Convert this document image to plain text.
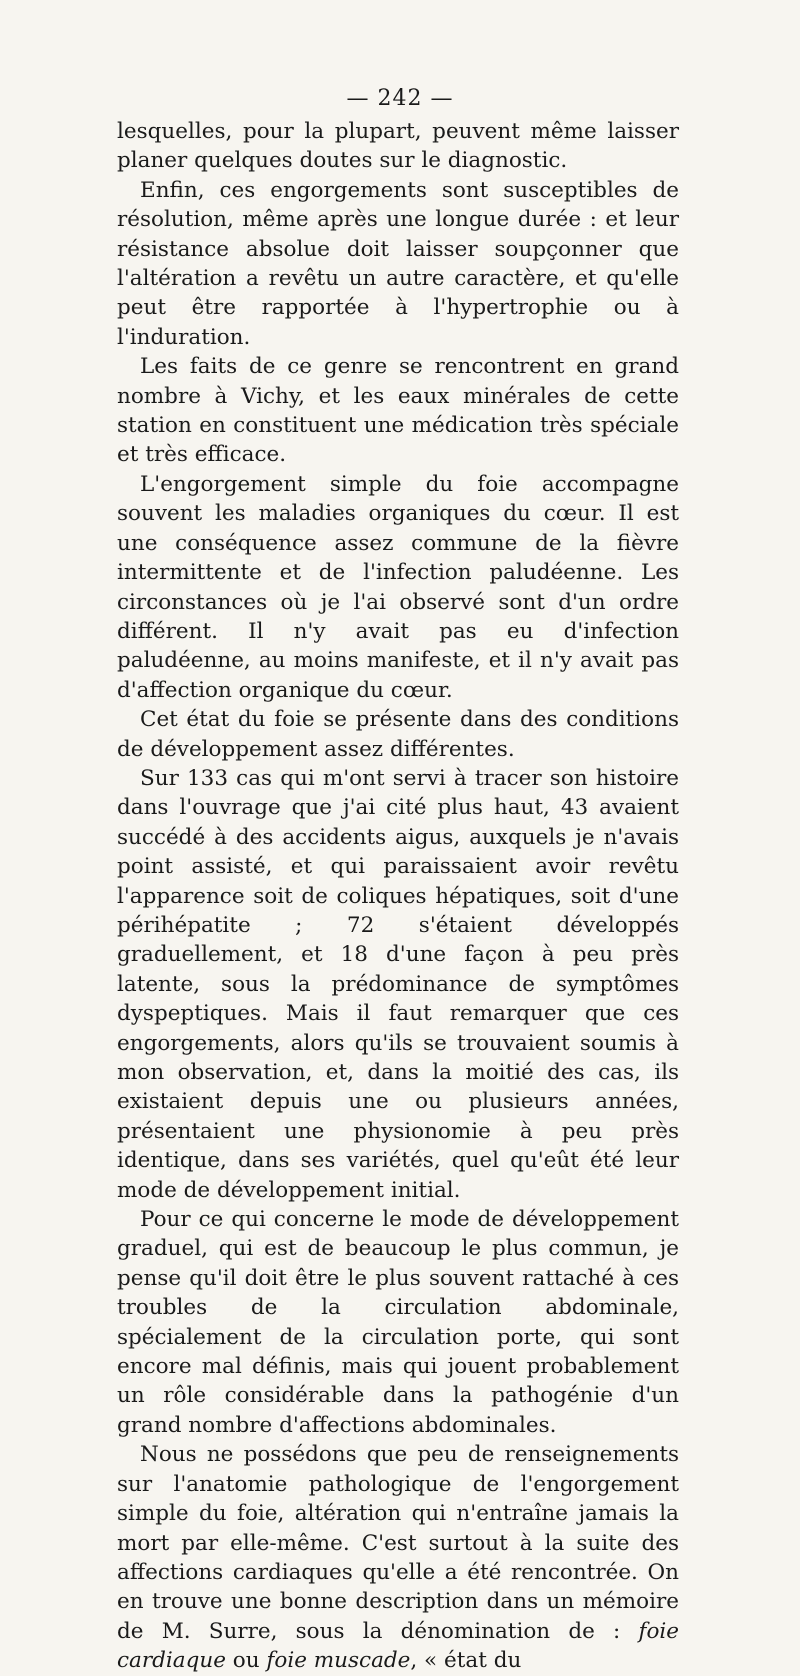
— 242 —

lesquelles, pour la plupart, peuvent même laisser planer quelques doutes sur le diagnostic.

Enfin, ces engorgements sont susceptibles de résolution, même après une longue durée : et leur résistance absolue doit laisser soupçonner que l'altération a revêtu un autre caractère, et qu'elle peut être rapportée à l'hypertrophie ou à l'induration.

Les faits de ce genre se rencontrent en grand nombre à Vichy, et les eaux minérales de cette station en constituent une médication très spéciale et très efficace.

L'engorgement simple du foie accompagne souvent les maladies organiques du cœur. Il est une conséquence assez commune de la fièvre intermittente et de l'infection paludéenne. Les circonstances où je l'ai observé sont d'un ordre différent. Il n'y avait pas eu d'infection paludéenne, au moins manifeste, et il n'y avait pas d'affection organique du cœur.

Cet état du foie se présente dans des conditions de développement assez différentes.

Sur 133 cas qui m'ont servi à tracer son histoire dans l'ouvrage que j'ai cité plus haut, 43 avaient succédé à des accidents aigus, auxquels je n'avais point assisté, et qui paraissaient avoir revêtu l'apparence soit de coliques hépatiques, soit d'une périhépatite ; 72 s'étaient développés graduellement, et 18 d'une façon à peu près latente, sous la prédominance de symptômes dyspeptiques. Mais il faut remarquer que ces engorgements, alors qu'ils se trouvaient soumis à mon observation, et, dans la moitié des cas, ils existaient depuis une ou plusieurs années, présentaient une physionomie à peu près identique, dans ses variétés, quel qu'eût été leur mode de développement initial.

Pour ce qui concerne le mode de développement graduel, qui est de beaucoup le plus commun, je pense qu'il doit être le plus souvent rattaché à ces troubles de la circulation abdominale, spécialement de la circulation porte, qui sont encore mal définis, mais qui jouent probablement un rôle considérable dans la pathogénie d'un grand nombre d'affections abdominales.

Nous ne possédons que peu de renseignements sur l'anatomie pathologique de l'engorgement simple du foie, altération qui n'entraîne jamais la mort par elle-même. C'est surtout à la suite des affections cardiaques qu'elle a été rencontrée. On en trouve une bonne description dans un mémoire de M. Surre, sous la dénomination de : foie cardiaque ou foie muscade, « état du
